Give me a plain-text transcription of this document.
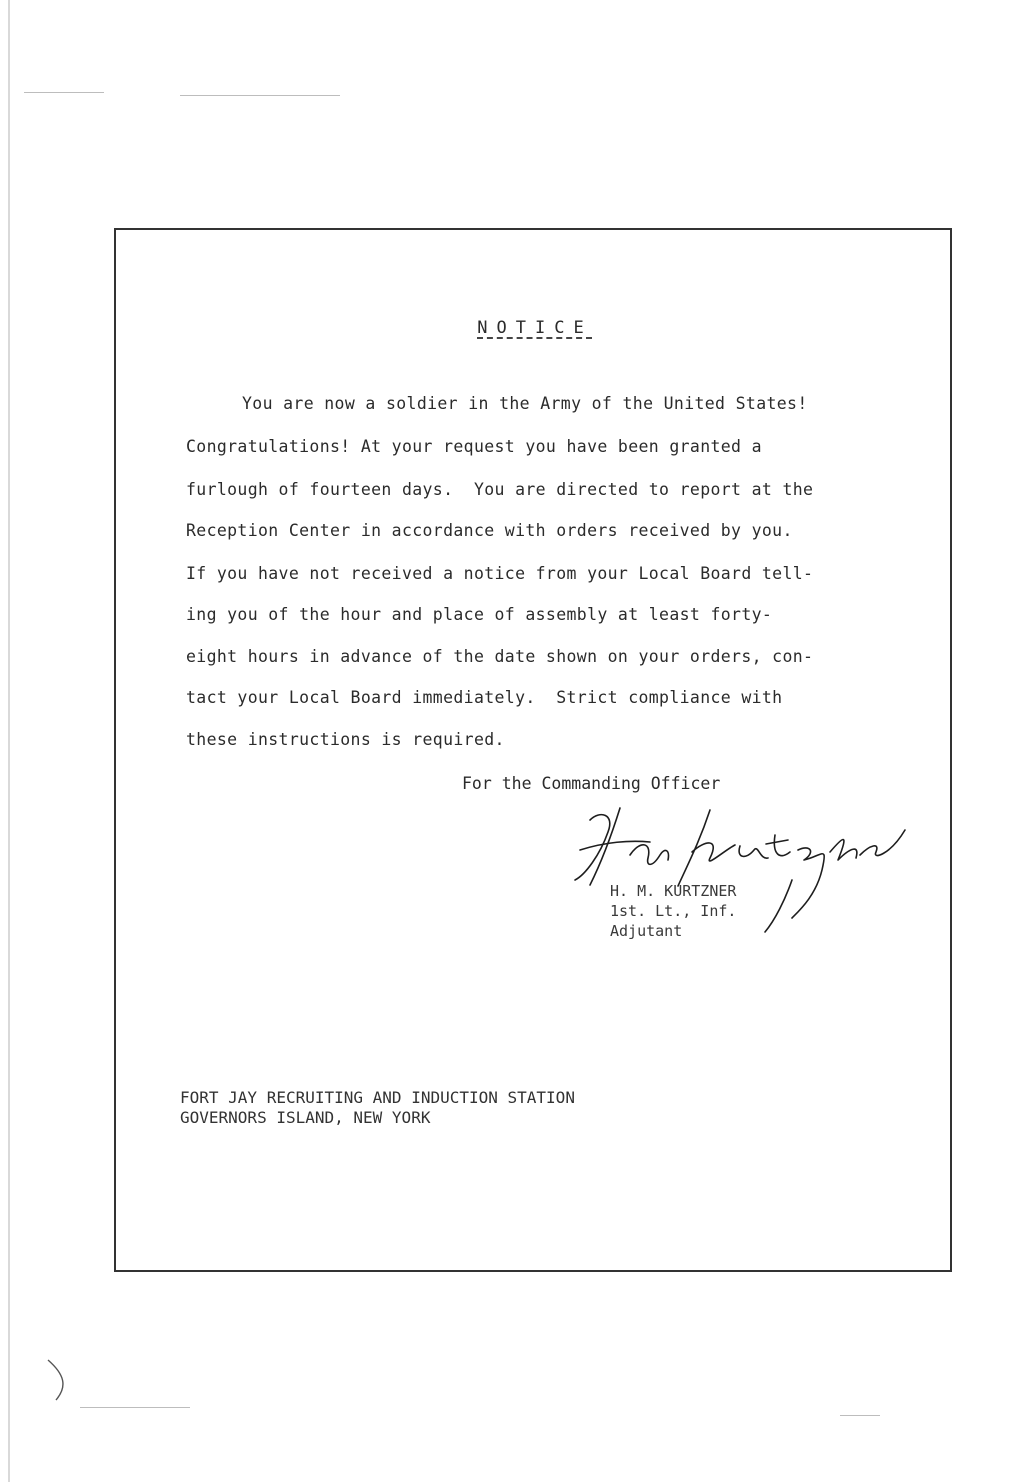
NOTICE
You are now a soldier in the Army of the United States!
Congratulations! At your request you have been granted a
furlough of fourteen days.  You are directed to report at the
Reception Center in accordance with orders received by you.
If you have not received a notice from your Local Board tell-
ing you of the hour and place of assembly at least forty-
eight hours in advance of the date shown on your orders, con-
tact your Local Board immediately.  Strict compliance with
these instructions is required.
For the Commanding Officer
H. M. KURTZNER
1st. Lt., Inf.
Adjutant
FORT JAY RECRUITING AND INDUCTION STATION
GOVERNORS ISLAND, NEW YORK
